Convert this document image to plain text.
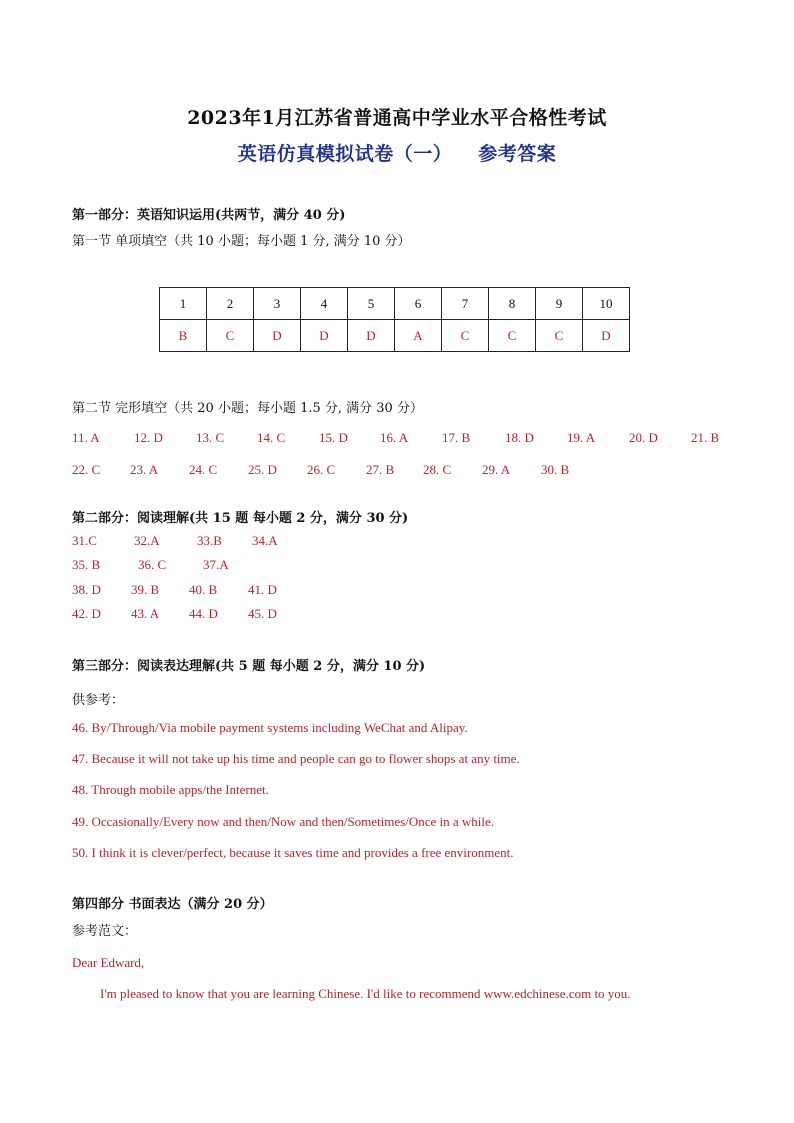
2023年1月江苏省普通高中学业水平合格性考试
英语仿真模拟试卷（一） 参考答案
第一部分：英语知识运用(共两节，满分 40 分)
第一节 单项填空（共 10 小题；每小题 1 分, 满分 10 分）
1	2	3	4	5	6	7	8	9	10
B	C	D	D	D	A	C	C	C	D
第二节 完形填空（共 20 小题；每小题 1.5 分, 满分 30 分）
11. A	12. D	13. C	14. C	15. D 16. A	17. B	18. D	19. A	20. D	21. B
22. C 23. A 24. C 25. D 26. C 27. B 28. C 29. A 30. B
第二部分：阅读理解(共 15 题 每小题 2 分，满分 30 分)
31.C	32.A	33.B 34.A
35. B	36. C	37.A
38. D 39. B 40. B 41. D
42. D 43. A 44. D 45. D
第三部分：阅读表达理解(共 5 题 每小题 2 分，满分 10 分)
供参考：
46. By/Through/Via mobile payment systems including WeChat and Alipay.
47. Because it will not take up his time and people can go to flower shops at any time.
48. Through mobile apps/the Internet.
49. Occasionally/Every now and then/Now and then/Sometimes/Once in a while.
50. I think it is clever/perfect, because it saves time and provides a free environment.
第四部分 书面表达（满分 20 分）
参考范文：
Dear Edward,
I'm pleased to know that you are learning Chinese. I'd like to recommend www.edchinese.com to you.
